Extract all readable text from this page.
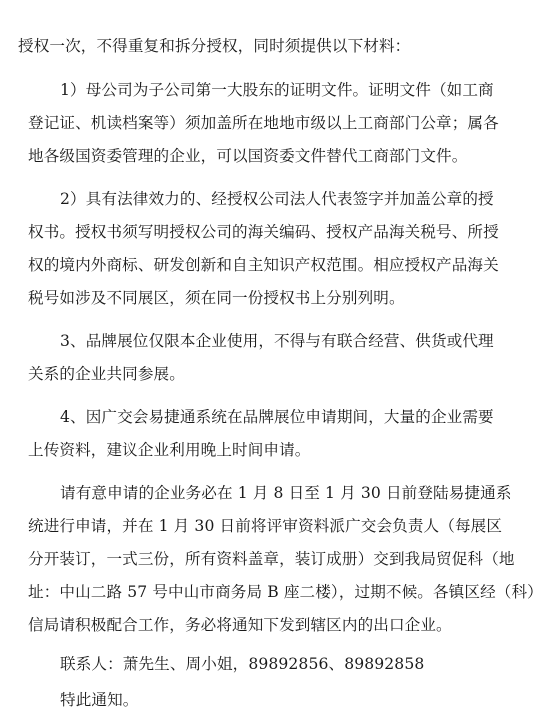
授权一次，不得重复和拆分授权，同时须提供以下材料：
1）母公司为子公司第一大股东的证明文件。证明文件（如工商
登记证、机读档案等）须加盖所在地地市级以上工商部门公章；属各
地各级国资委管理的企业，可以国资委文件替代工商部门文件。
2）具有法律效力的、经授权公司法人代表签字并加盖公章的授
权书。授权书须写明授权公司的海关编码、授权产品海关税号、所授
权的境内外商标、研发创新和自主知识产权范围。相应授权产品海关
税号如涉及不同展区，须在同一份授权书上分别列明。
3、品牌展位仅限本企业使用，不得与有联合经营、供货或代理
关系的企业共同参展。
4、因广交会易捷通系统在品牌展位申请期间，大量的企业需要
上传资料，建议企业利用晚上时间申请。
请有意申请的企业务必在 1 月 8 日至 1 月 30 日前登陆易捷通系
统进行申请，并在 1 月 30 日前将评审资料派广交会负责人（每展区
分开装订，一式三份，所有资料盖章，装订成册）交到我局贸促科（地
址：中山二路 57 号中山市商务局 B 座二楼），过期不候。各镇区经（科）
信局请积极配合工作，务必将通知下发到辖区内的出口企业。
联系人：萧先生、周小姐，89892856、89892858
特此通知。
